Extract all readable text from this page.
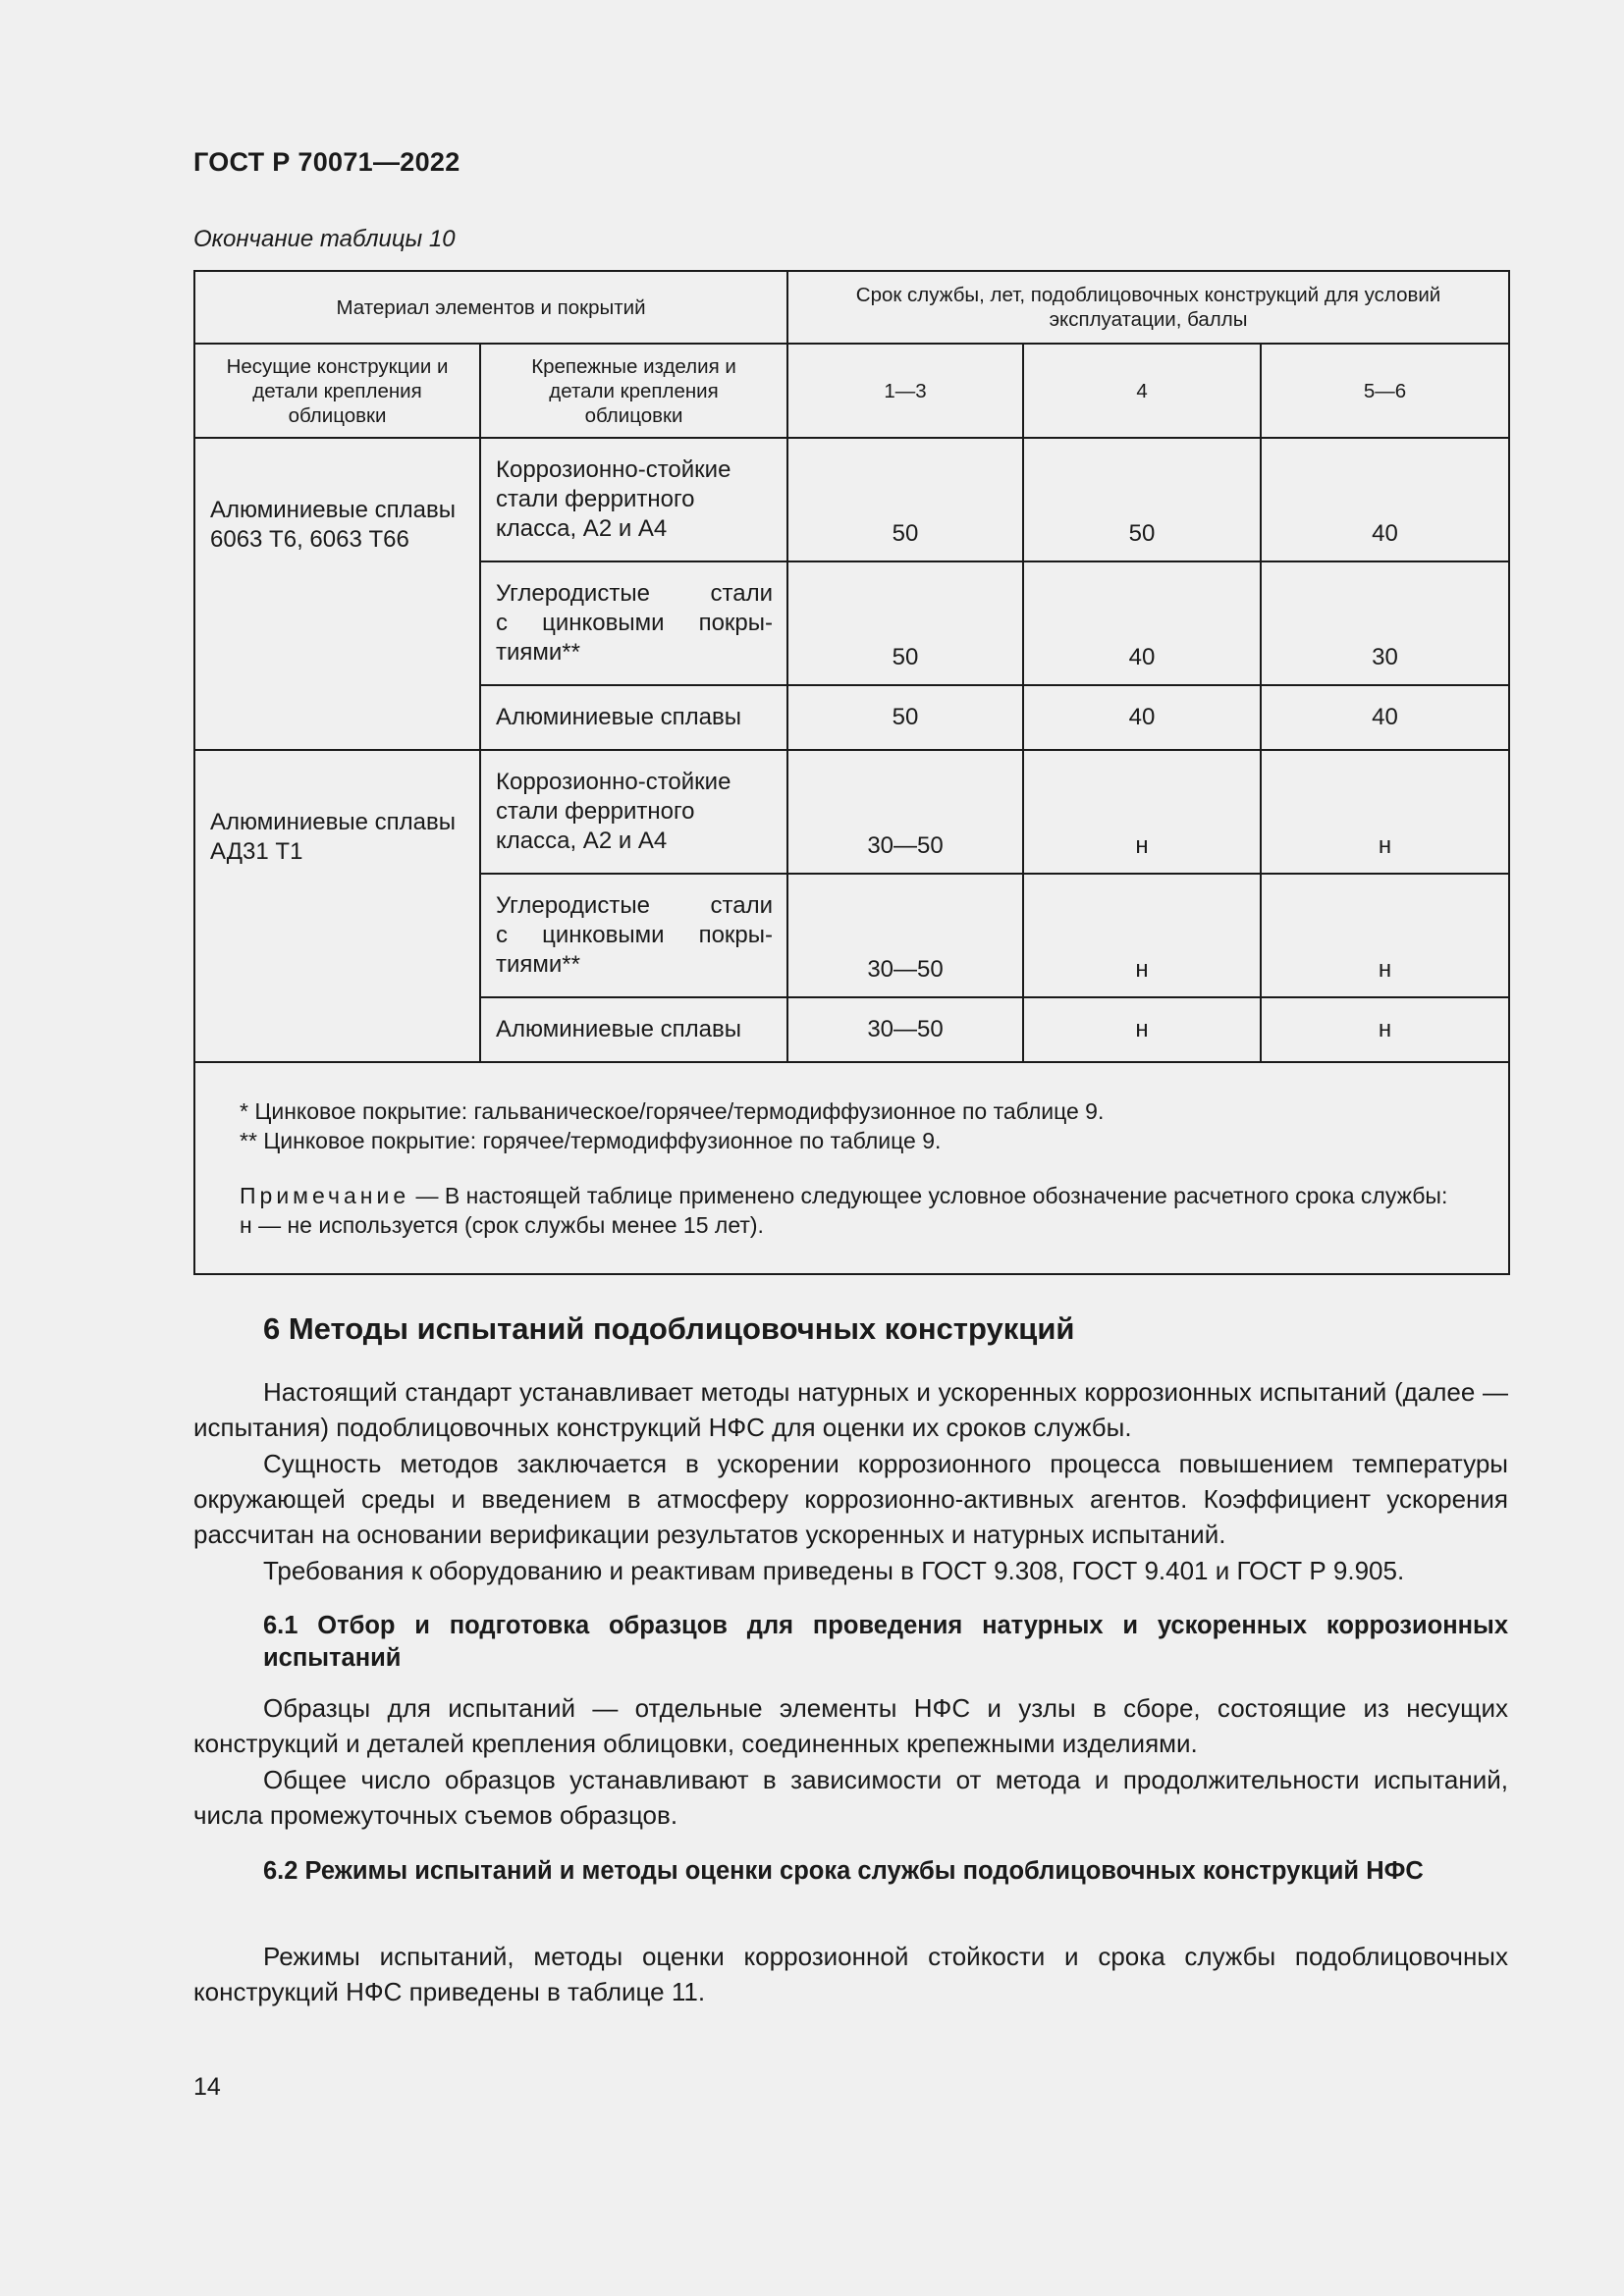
ГОСТ Р 70071—2022
Окончание таблицы 10
Материал элементов и покрытий		Срок службы, лет, подоблицовочных конструкций для условий эксплуатации, баллы		
Несущие конструкции и детали крепления облицовки	Крепежные изделия и детали крепления облицовки	1—3	4	5—6

Алюминиевые сплавы 6063 Т6, 6063 Т66	Коррозионно-стойкие стали ферритного класса, А2 и А4	50	50	40

	Углеродистые стали
с цинковыми покры-
тиями**	50	40	30
	Алюминиевые сплавы	50	40	40

Алюминиевые сплавы АД31 Т1	Коррозионно-стойкие стали ферритного класса, А2 и А4	30—50	н	н

	Углеродистые стали
с цинковыми покры-
тиями**	30—50	н	н
	Алюминиевые сплавы	30—50	н	н

* Цинковое покрытие: гальваническое/горячее/термодиффузионное по таблице 9.
** Цинковое покрытие: горячее/термодиффузионное по таблице 9.
Примечание — В настоящей таблице применено следующее условное обозначение расчетного срока службы:
н — не используется (срок службы менее 15 лет).				
6 Методы испытаний подоблицовочных конструкций

Настоящий стандарт устанавливает методы натурных и ускоренных коррозионных испытаний (далее — испытания) подоблицовочных конструкций НФС для оценки их сроков службы.

Сущность методов заключается в ускорении коррозионного процесса повышением температуры окружающей среды и введением в атмосферу коррозионно-активных агентов. Коэффициент ускорения рассчитан на основании верификации результатов ускоренных и натурных испытаний.

Требования к оборудованию и реактивам приведены в ГОСТ 9.308, ГОСТ 9.401 и ГОСТ Р 9.905.

6.1 Отбор и подготовка образцов для проведения натурных и ускоренных коррозионных испытаний

Образцы для испытаний — отдельные элементы НФС и узлы в сборе, состоящие из несущих конструкций и деталей крепления облицовки, соединенных крепежными изделиями.

Общее число образцов устанавливают в зависимости от метода и продолжительности испытаний, числа промежуточных съемов образцов.

6.2 Режимы испытаний и методы оценки срока службы подоблицовочных конструкций НФС

Режимы испытаний, методы оценки коррозионной стойкости и срока службы подоблицовочных конструкций НФС приведены в таблице 11.

14
